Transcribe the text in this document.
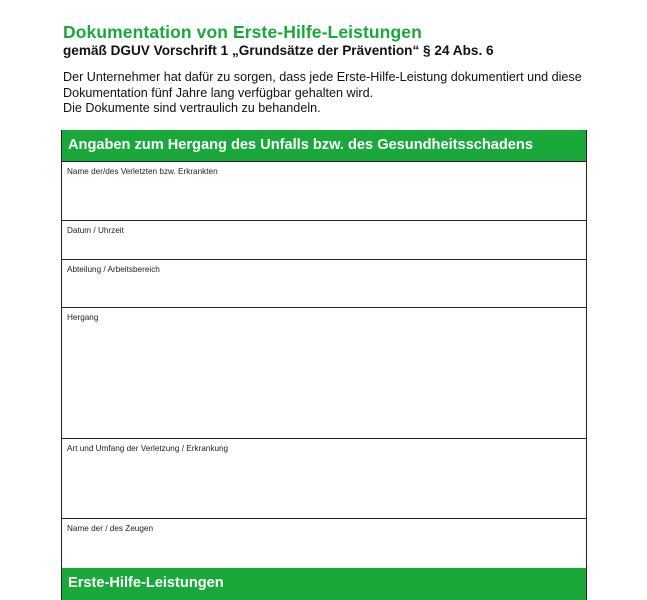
Dokumentation von Erste-Hilfe-Leistungen
gemäß DGUV Vorschrift 1 „Grundsätze der Prävention“ § 24 Abs. 6

Der Unternehmer hat dafür zu sorgen, dass jede Erste-Hilfe-Leistung dokumentiert und diese

Dokumentation fünf Jahre lang verfügbar gehalten wird.

Die Dokumente sind vertraulich zu behandeln.

Angaben zum Hergang des Unfalls bzw. des Gesundheitsschadens
Name der/des Verletzten bzw. Erkrankten
Datum / Uhrzeit
Abteilung / Arbeitsbereich
Hergang
Art und Umfang der Verletzung / Erkrankung
Name der / des Zeugen
Erste-Hilfe-Leistungen
